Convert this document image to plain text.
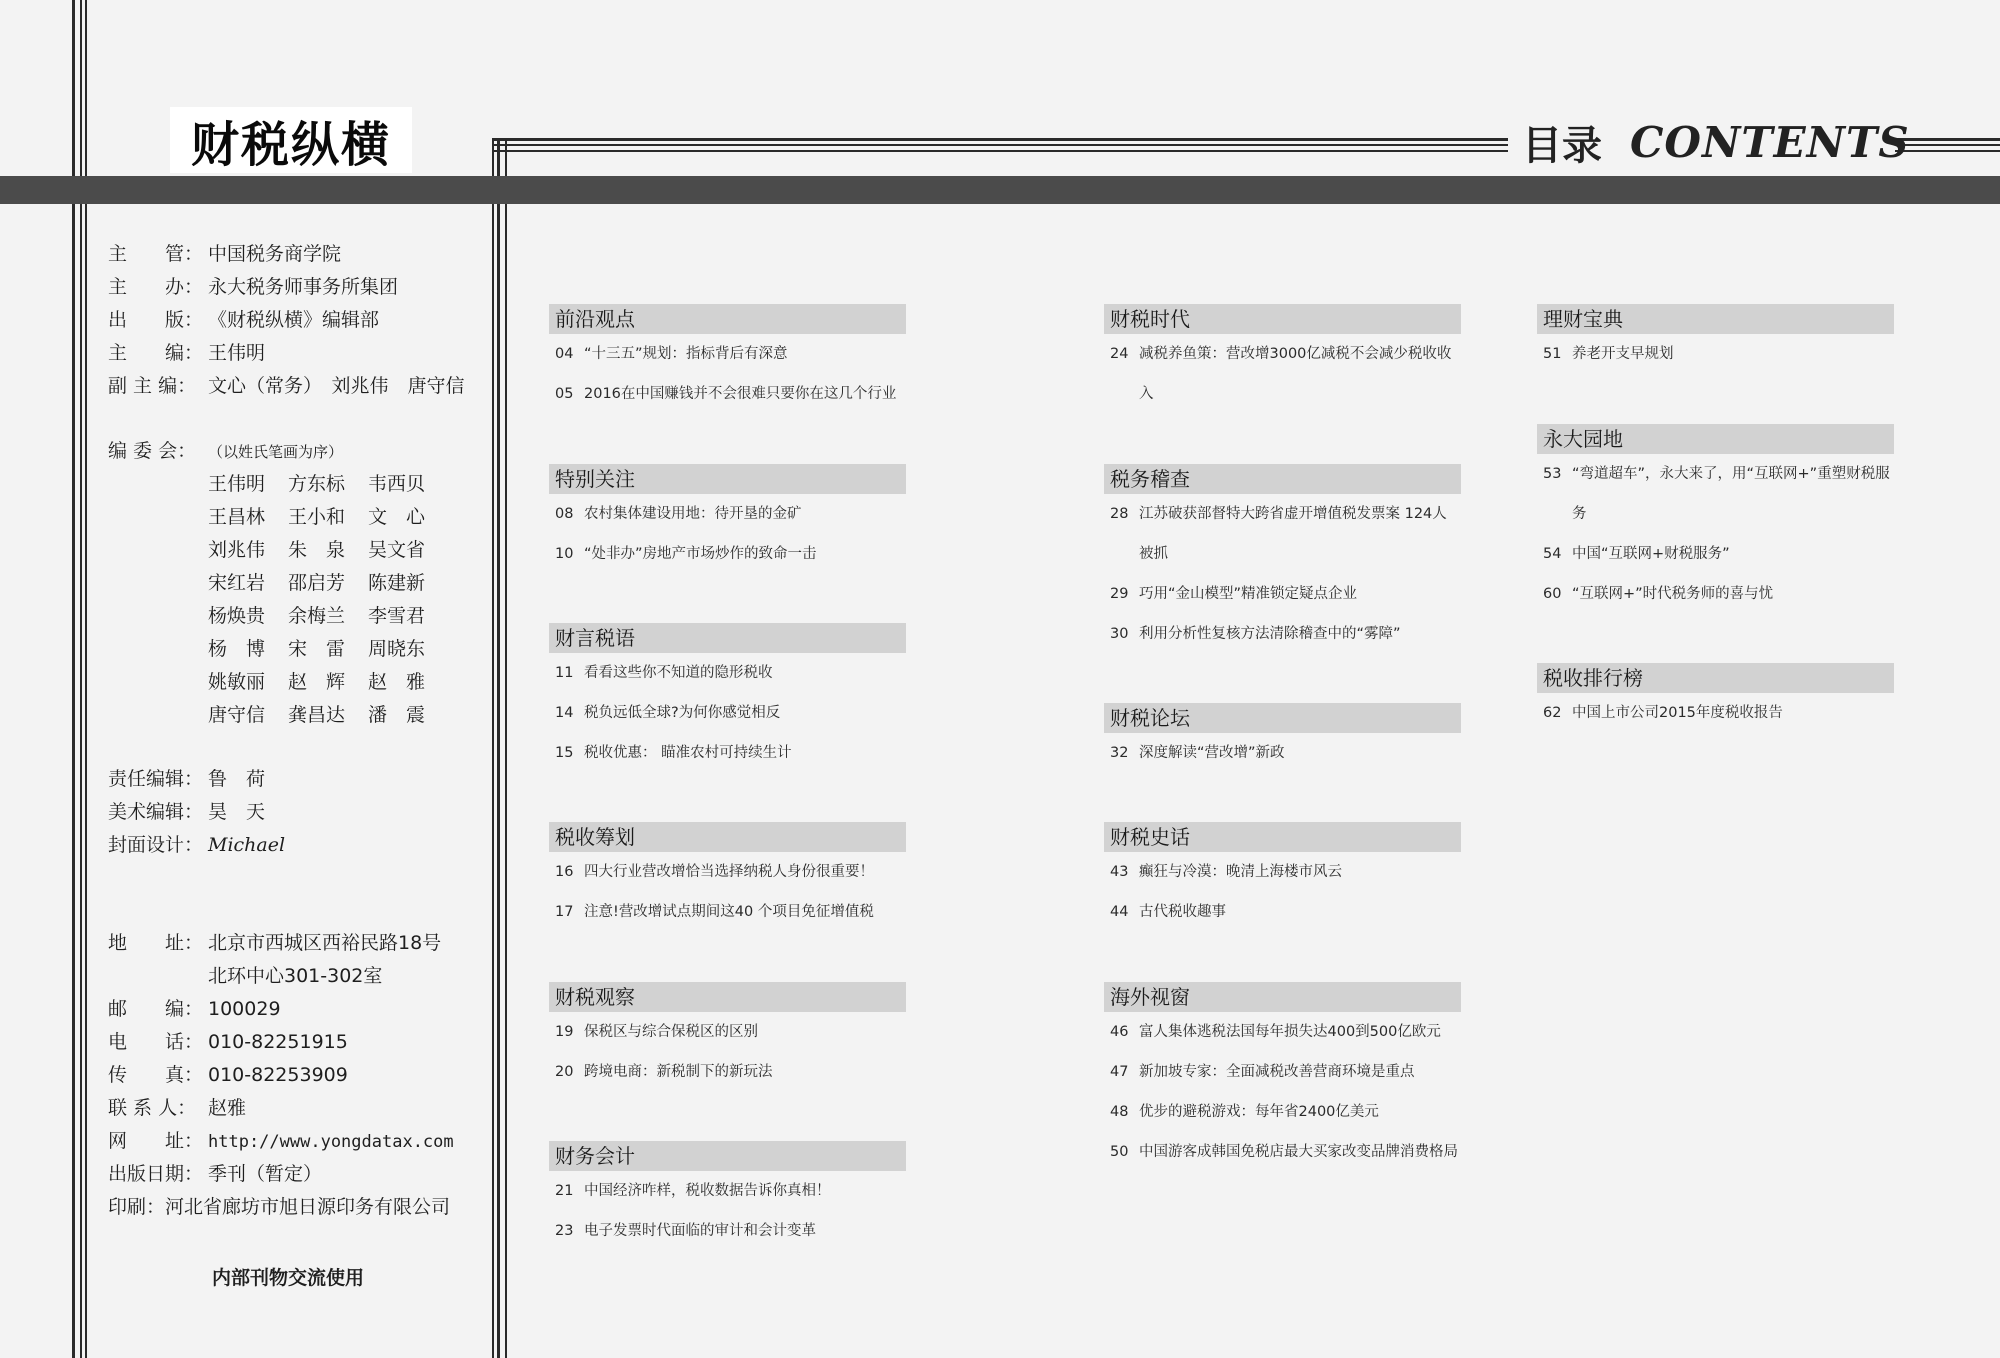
财税纵横	目录 CONTENTS
主　　管： 中国税务商学院
主　　办： 永大税务师事务所集团
出　　版： 《财税纵横》编辑部
主　　编： 王伟明
副 主 编： 文心（常务）　刘兆伟　唐守信
编 委 会： （以姓氏笔画为序）
王伟明 方东标 韦西贝
王昌林 王小和 文　心
刘兆伟 朱　泉 吴文省
宋红岩 邵启芳 陈建新
杨焕贵 余梅兰 李雪君
杨　博 宋　雷 周晓东
姚敏丽 赵　辉 赵　雅
唐守信 龚昌达 潘　震
责任编辑： 鲁　荷
美术编辑： 昊　天
封面设计： Michael
地　　址： 北京市西城区西裕民路18号
北环中心301-302室
邮　　编： 100029
电　　话： 010-82251915
传　　真： 010-82253909
联 系 人： 赵雅
网　　址： http://www.yongdatax.com
出版日期： 季刊（暂定）
印刷：河北省廊坊市旭日源印务有限公司
内部刊物交流使用
前沿观点
04 “十三五”规划：指标背后有深意
05 2016在中国赚钱并不会很难只要你在这几个行业
特别关注
08 农村集体建设用地：待开垦的金矿
10 “处非办”房地产市场炒作的致命一击
财言税语
11 看看这些你不知道的隐形税收
14 税负远低全球?为何你感觉相反
15 税收优惠： 瞄准农村可持续生计
税收筹划
16 四大行业营改增恰当选择纳税人身份很重要！
17 注意!营改增试点期间这40 个项目免征增值税
财税观察
19 保税区与综合保税区的区别
20 跨境电商：新税制下的新玩法
财务会计
21 中国经济咋样，税收数据告诉你真相！
23 电子发票时代面临的审计和会计变革
财税时代
24 减税养鱼策：营改增3000亿减税不会减少税收收入
税务稽查
28 江苏破获部督特大跨省虚开增值税发票案 124人被抓
29 巧用“金山模型”精准锁定疑点企业
30 利用分析性复核方法清除稽查中的“雾障”
财税论坛
32 深度解读“营改增”新政
财税史话
43 癫狂与冷漠：晚清上海楼市风云
44 古代税收趣事
海外视窗
46 富人集体逃税法国每年损失达400到500亿欧元
47 新加坡专家：全面减税改善营商环境是重点
48 优步的避税游戏：每年省2400亿美元
50 中国游客成韩国免税店最大买家改变品牌消费格局
理财宝典
51 养老开支早规划
永大园地
53 “弯道超车”，永大来了，用“互联网+”重塑财税服务
54 中国“互联网+财税服务”
60 “互联网+”时代税务师的喜与忧
税收排行榜
62 中国上市公司2015年度税收报告
